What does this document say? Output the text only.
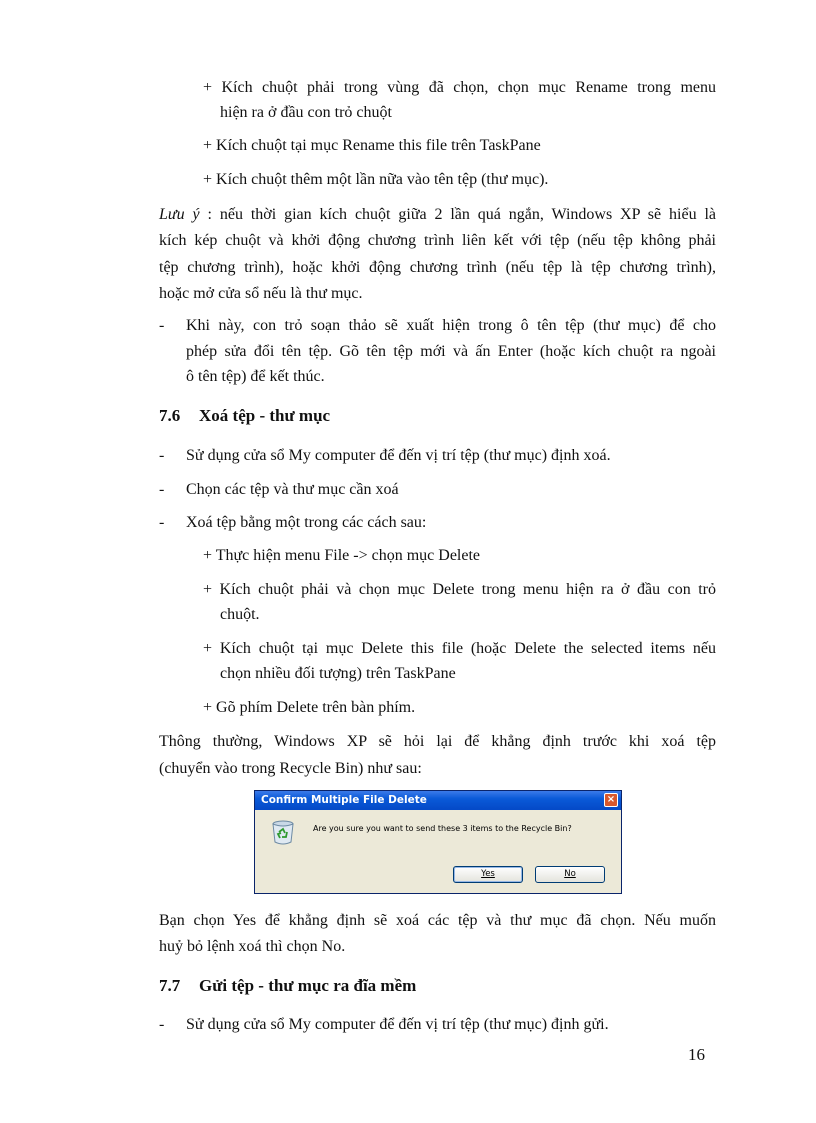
+ Kích chuột phải trong vùng đã chọn, chọn mục Rename trong menu
hiện ra ở đầu con trỏ chuột
+ Kích chuột tại mục Rename this file trên TaskPane
+ Kích chuột thêm một lần nữa vào tên tệp (thư mục).
Lưu ý : nếu thời gian kích chuột giữa 2 lần quá ngắn, Windows XP sẽ hiểu là
kích kép chuột và khởi động chương trình liên kết với tệp (nếu tệp không phải
tệp chương trình), hoặc khởi động chương trình (nếu tệp là tệp chương trình),
hoặc mở cửa sổ nếu là thư mục.
- Khi này, con trỏ soạn thảo sẽ xuất hiện trong ô tên tệp (thư mục) để cho
phép sửa đổi tên tệp. Gõ tên tệp mới và ấn Enter (hoặc kích chuột ra ngoài
ô tên tệp) để kết thúc.
7.6 Xoá tệp - thư mục
- Sử dụng cửa sổ My computer để đến vị trí tệp (thư mục) định xoá.
- Chọn các tệp và thư mục cần xoá
- Xoá tệp bằng một trong các cách sau:
+ Thực hiện menu File -> chọn mục Delete
+ Kích chuột phải và chọn mục Delete trong menu hiện ra ở đầu con trỏ
chuột.
+ Kích chuột tại mục Delete this file (hoặc Delete the selected items nếu
chọn nhiều đối tượng) trên TaskPane
+ Gõ phím Delete trên bàn phím.
Thông thường, Windows XP sẽ hỏi lại để khẳng định trước khi xoá tệp
(chuyển vào trong Recycle Bin) như sau:
Confirm Multiple File Delete	×
Are you sure you want to send these 3 items to the Recycle Bin?
Yes	No
Bạn chọn Yes để khẳng định sẽ xoá các tệp và thư mục đã chọn. Nếu muốn
huỷ bỏ lệnh xoá thì chọn No.
7.7 Gửi tệp - thư mục ra đĩa mềm
- Sử dụng cửa sổ My computer để đến vị trí tệp (thư mục) định gửi.
16
